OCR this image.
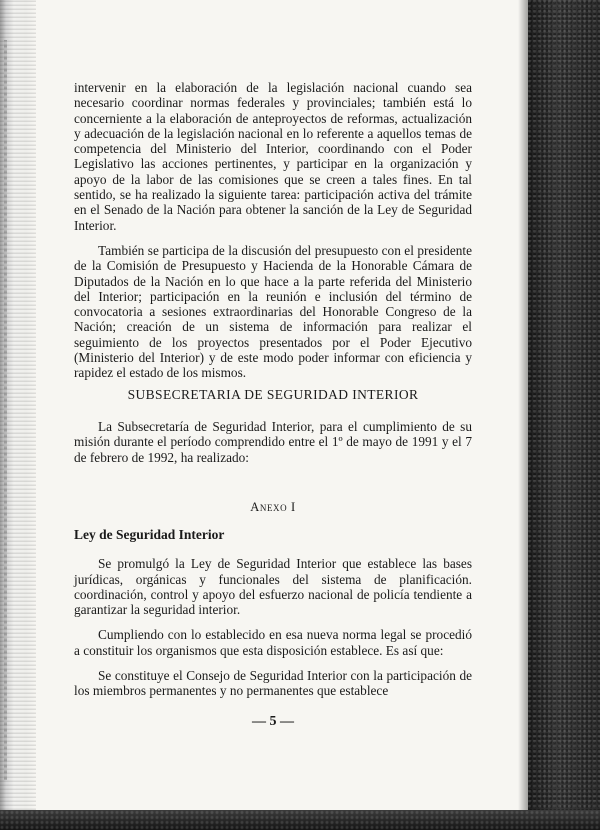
intervenir en la elaboración de la legislación nacional cuando sea necesario coordinar normas federales y provinciales; también está lo concerniente a la elaboración de anteproyectos de reformas, actualización y adecuación de la legislación nacional en lo referente a aquellos temas de competencia del Ministerio del Interior, coordinando con el Poder Legislativo las acciones pertinentes, y participar en la organización y apoyo de la labor de las comisiones que se creen a tales fines. En tal sentido, se ha realizado la siguiente tarea: participación activa del trámite en el Senado de la Nación para obtener la sanción de la Ley de Seguridad Interior.

También se participa de la discusión del presupuesto con el presidente de la Comisión de Presupuesto y Hacienda de la Honorable Cámara de Diputados de la Nación en lo que hace a la parte referida del Ministerio del Interior; participación en la reunión e inclusión del término de convocatoria a sesiones extraordinarias del Honorable Congreso de la Nación; creación de un sistema de información para realizar el seguimiento de los proyectos presentados por el Poder Ejecutivo (Ministerio del Interior) y de este modo poder informar con eficiencia y rapidez el estado de los mismos.

SUBSECRETARIA DE SEGURIDAD INTERIOR

La Subsecretaría de Seguridad Interior, para el cumplimiento de su misión durante el período comprendido entre el 1º de mayo de 1991 y el 7 de febrero de 1992, ha realizado:

Anexo I

Ley de Seguridad Interior

Se promulgó la Ley de Seguridad Interior que establece las bases jurídicas, orgánicas y funcionales del sistema de planificación. coordinación, control y apoyo del esfuerzo nacional de policía tendiente a garantizar la seguridad interior.

Cumpliendo con lo establecido en esa nueva norma legal se procedió a constituir los organismos que esta disposición establece. Es así que:

Se constituye el Consejo de Seguridad Interior con la participación de los miembros permanentes y no permanentes que establece

— 5 —
